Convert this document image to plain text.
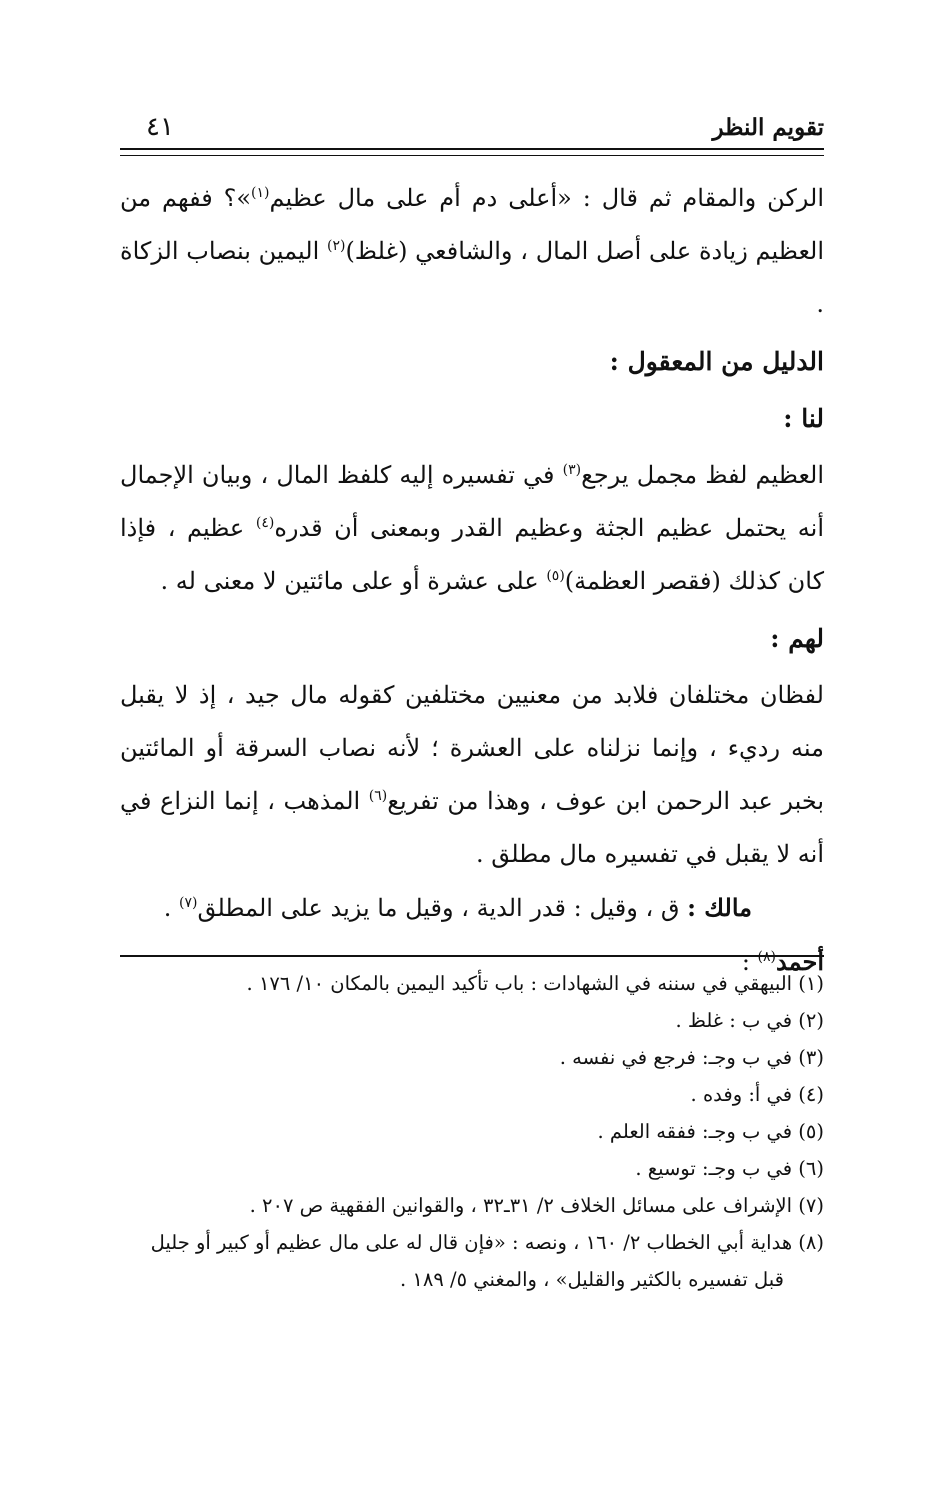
تقويم النظر
٤١

الركن والمقام ثم قال : «أعلى دم أم على مال عظيم$^{(١)}$»؟ ففهم من العظيم زيادة على أصل المال ، والشافعي (غلظ)$^{(٢)}$ اليمين بنصاب الزكاة .

الدليل من المعقول :

لنا :

العظيم لفظ مجمل يرجع$^{(٣)}$ في تفسيره إليه كلفظ المال ، وبيان الإجمال أنه يحتمل عظيم الجثة وعظيم القدر وبمعنى أن قدره$^{(٤)}$ عظيم ، فإذا كان كذلك (فقصر العظمة)$^{(٥)}$ على عشرة أو على مائتين لا معنى له .

لهم :

لفظان مختلفان فلابد من معنيين مختلفين كقوله مال جيد ، إذ لا يقبل منه رديء ، وإنما نزلناه على العشرة ؛ لأنه نصاب السرقة أو المائتين بخبر عبد الرحمن ابن عوف ، وهذا من تفريع$^{(٦)}$ المذهب ، إنما النزاع في أنه لا يقبل في تفسيره مال مطلق .

مالك : ق ، وقيل : قدر الدية ، وقيل ما يزيد على المطلق$^{(٧)}$ .

أحمد$^{(٨)}$ :

(١) البيهقي في سننه في الشهادات : باب تأكيد اليمين بالمكان ١٠/ ١٧٦ .

(٢) في ب : غلظ .

(٣) في ب وجـ: فرجع في نفسه .

(٤) في أ: وفده .

(٥) في ب وجـ: ففقه العلم .

(٦) في ب وجـ: توسيع .

(٧) الإشراف على مسائل الخلاف ٢/ ٣١ـ٣٢ ، والقوانين الفقهية ص ٢٠٧ .

(٨) هداية أبي الخطاب ٢/ ١٦٠ ، ونصه : «فإن قال له على مال عظيم أو كبير أو جليل

قبل تفسيره بالكثير والقليل» ، والمغني ٥/ ١٨٩ .
